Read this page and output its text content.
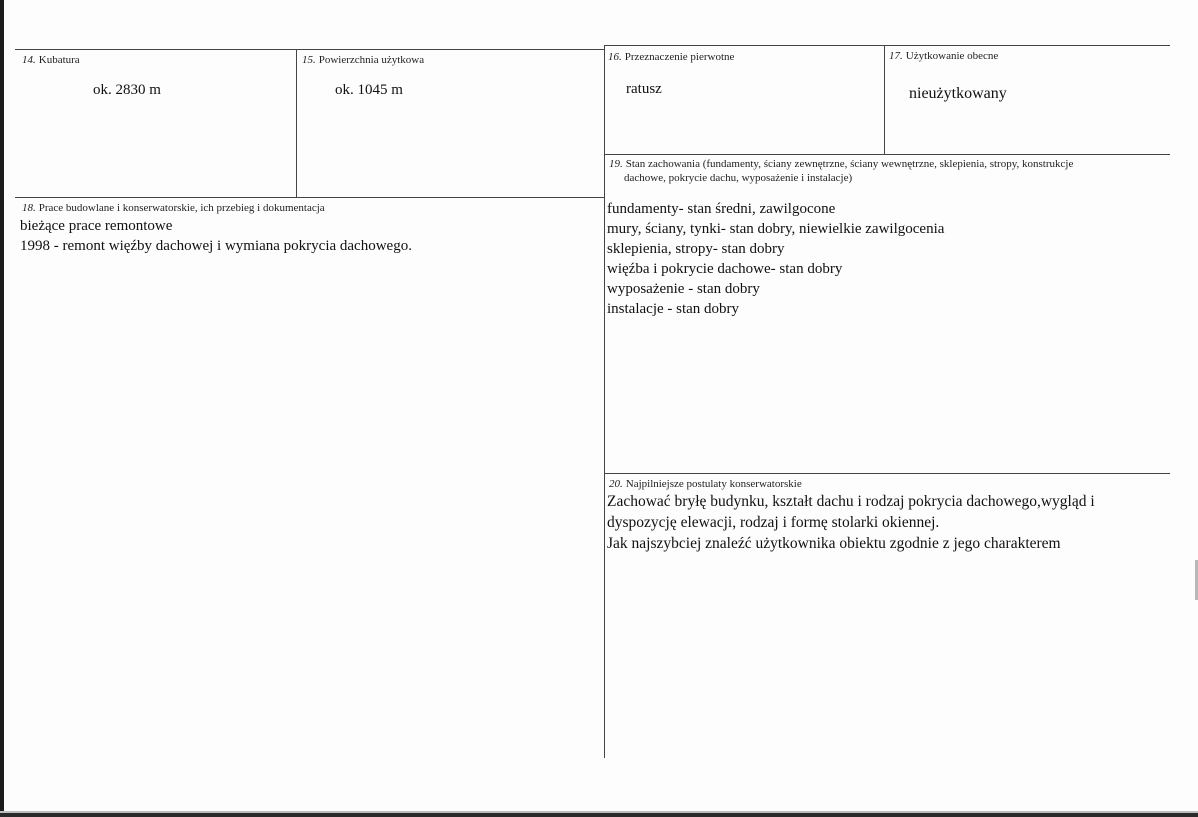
14. Kubatura
ok. 2830 m
15. Powierzchnia użytkowa
ok. 1045 m
16. Przeznaczenie pierwotne
ratusz
17. Użytkowanie obecne
nieużytkowany
19. Stan zachowania (fundamenty, ściany zewnętrzne, ściany wewnętrzne, sklepienia, stropy, konstrukcje
dachowe, pokrycie dachu, wyposażenie i instalacje)
fundamenty- stan średni, zawilgocone
mury, ściany, tynki- stan dobry, niewielkie zawilgocenia
sklepienia, stropy- stan dobry
więźba i pokrycie dachowe- stan dobry
wyposażenie - stan dobry
instalacje - stan dobry
18. Prace budowlane i konserwatorskie, ich przebieg i dokumentacja
bieżące prace remontowe
1998 - remont więźby dachowej i wymiana pokrycia dachowego.
20. Najpilniejsze postulaty konserwatorskie
Zachować bryłę budynku, kształt dachu i rodzaj pokrycia dachowego,wygląd i
dyspozycję elewacji, rodzaj i formę stolarki okiennej.
Jak najszybciej znaleźć użytkownika obiektu zgodnie z jego charakterem
